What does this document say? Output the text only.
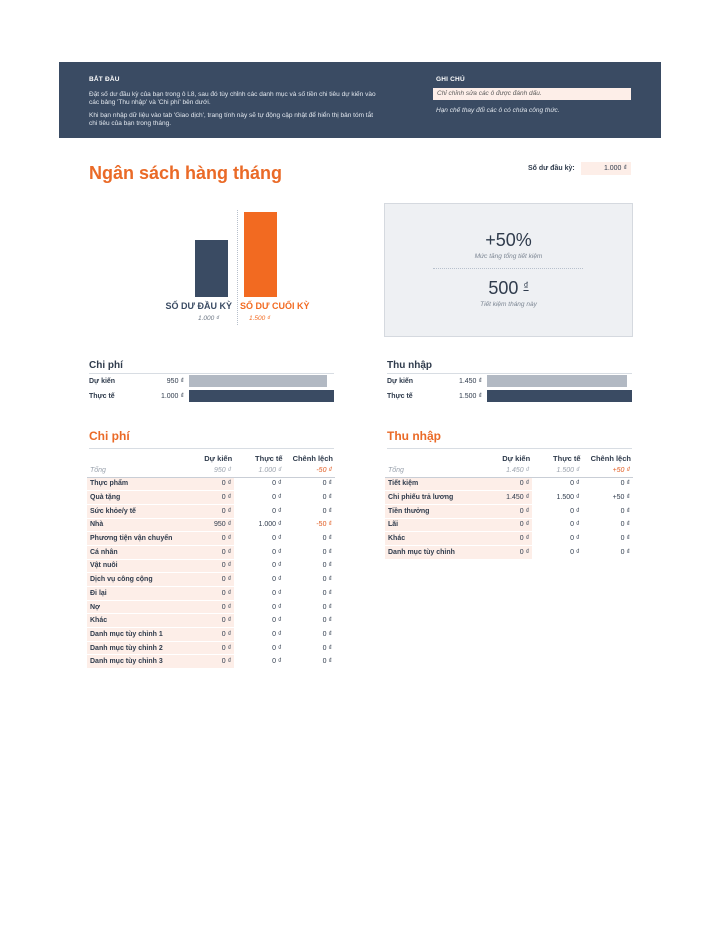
BẮT ĐẦU
Đặt số dư đầu kỳ của bạn trong ô L8, sau đó tùy chỉnh các danh mục và số tiền chi tiêu dự kiến vào các bảng 'Thu nhập' và 'Chi phí' bên dưới.
Khi bạn nhập dữ liệu vào tab 'Giao dịch', trang tính này sẽ tự động cập nhật để hiển thị bản tóm tắt chi tiêu của bạn trong tháng.
GHI CHÚ
Chỉ chỉnh sửa các ô được đánh dấu.
Hạn chế thay đổi các ô có chứa công thức.
Ngân sách hàng tháng	Số dư đầu kỳ:	1.000 ₫
SỐ DƯ ĐẦU KỲ
1.000 ₫
SỐ DƯ CUỐI KỲ
1.500 ₫
+50%
Mức tăng tổng tiết kiệm
500 ₫
Tiết kiệm tháng này
Chi phí
Dự kiến	950 ₫
Thực tế	1.000 ₫
Thu nhập
Dự kiến	1.450 ₫
Thực tế	1.500 ₫
Chi phí
	Dự kiến	Thực tế	Chênh lệch
Tổng	950 ₫	1.000 ₫	-50 ₫
Thực phẩm	0 ₫	0 ₫	0 ₫
Quà tặng	0 ₫	0 ₫	0 ₫
Sức khỏe/y tế	0 ₫	0 ₫	0 ₫
Nhà	950 ₫	1.000 ₫	-50 ₫
Phương tiện vận chuyển	0 ₫	0 ₫	0 ₫
Cá nhân	0 ₫	0 ₫	0 ₫
Vật nuôi	0 ₫	0 ₫	0 ₫
Dịch vụ công cộng	0 ₫	0 ₫	0 ₫
Đi lại	0 ₫	0 ₫	0 ₫
Nợ	0 ₫	0 ₫	0 ₫
Khác	0 ₫	0 ₫	0 ₫
Danh mục tùy chỉnh 1	0 ₫	0 ₫	0 ₫
Danh mục tùy chỉnh 2	0 ₫	0 ₫	0 ₫
Danh mục tùy chỉnh 3	0 ₫	0 ₫	0 ₫
Thu nhập
	Dự kiến	Thực tế	Chênh lệch
Tổng	1.450 ₫	1.500 ₫	+50 ₫
Tiết kiệm	0 ₫	0 ₫	0 ₫
Chi phiếu trả lương	1.450 ₫	1.500 ₫	+50 ₫
Tiền thưởng	0 ₫	0 ₫	0 ₫
Lãi	0 ₫	0 ₫	0 ₫
Khác	0 ₫	0 ₫	0 ₫
Danh mục tùy chỉnh	0 ₫	0 ₫	0 ₫
